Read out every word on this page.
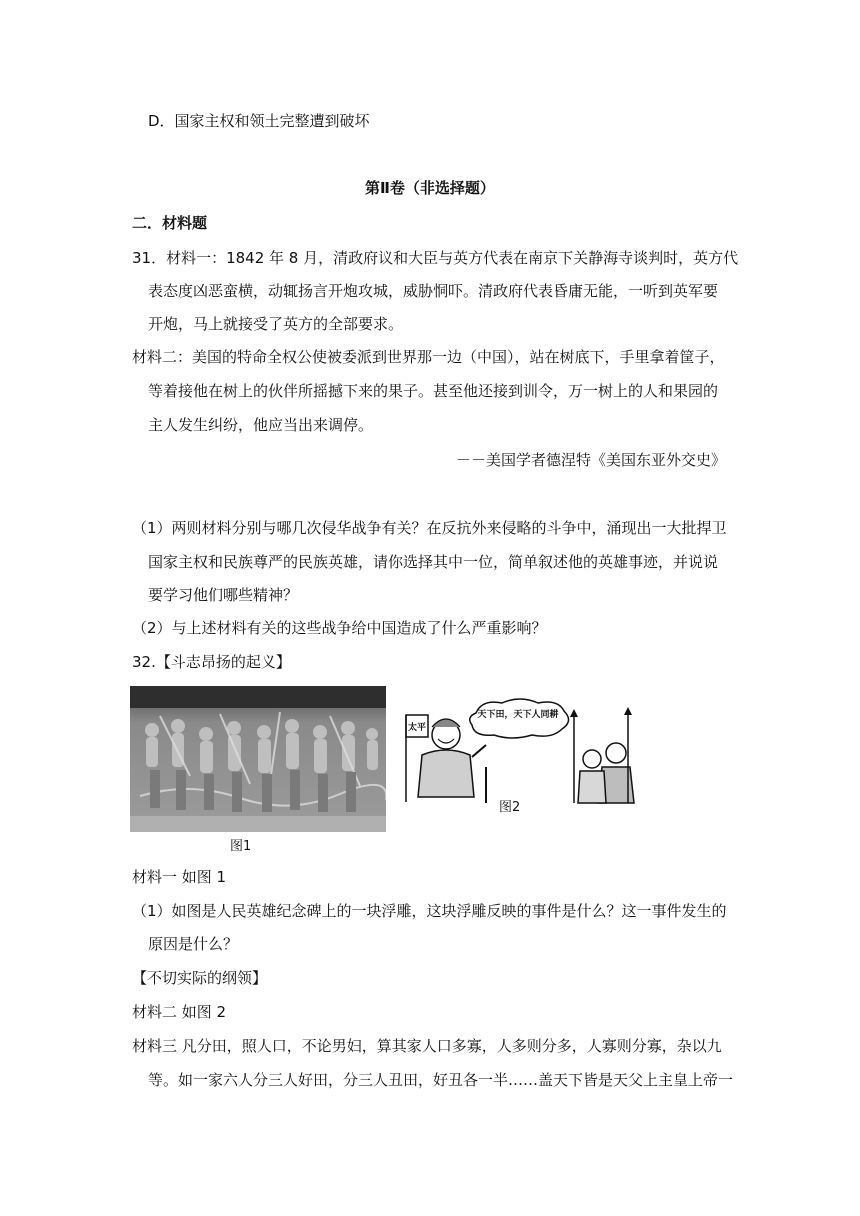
D．国家主权和领土完整遭到破坏
第Ⅱ卷（非选择题）
二．材料题
31．材料一：1842 年 8 月，清政府议和大臣与英方代表在南京下关静海寺谈判时，英方代
表态度凶恶蛮横，动辄扬言开炮攻城，威胁恫吓。清政府代表昏庸无能，一听到英军要
开炮，马上就接受了英方的全部要求。
材料二：美国的特命全权公使被委派到世界那一边（中国），站在树底下，手里拿着筐子，
等着接他在树上的伙伴所摇撼下来的果子。甚至他还接到训令，万一树上的人和果园的
主人发生纠纷，他应当出来调停。
－－美国学者德涅特《美国东亚外交史》
（1）两则材料分别与哪几次侵华战争有关？在反抗外来侵略的斗争中，涌现出一大批捍卫
国家主权和民族尊严的民族英雄，请你选择其中一位，简单叙述他的英雄事迹，并说说
要学习他们哪些精神？
（2）与上述材料有关的这些战争给中国造成了什么严重影响？
32.【斗志昂扬的起义】
图1
天下田，天下人同耕
太平
图2
材料一 如图 1
（1）如图是人民英雄纪念碑上的一块浮雕，这块浮雕反映的事件是什么？这一事件发生的
原因是什么？
【不切实际的纲领】
材料二 如图 2
材料三 凡分田，照人口，不论男妇，算其家人口多寡，人多则分多，人寡则分寡，杂以九
等。如一家六人分三人好田，分三人丑田，好丑各一半……盖天下皆是天父上主皇上帝一
